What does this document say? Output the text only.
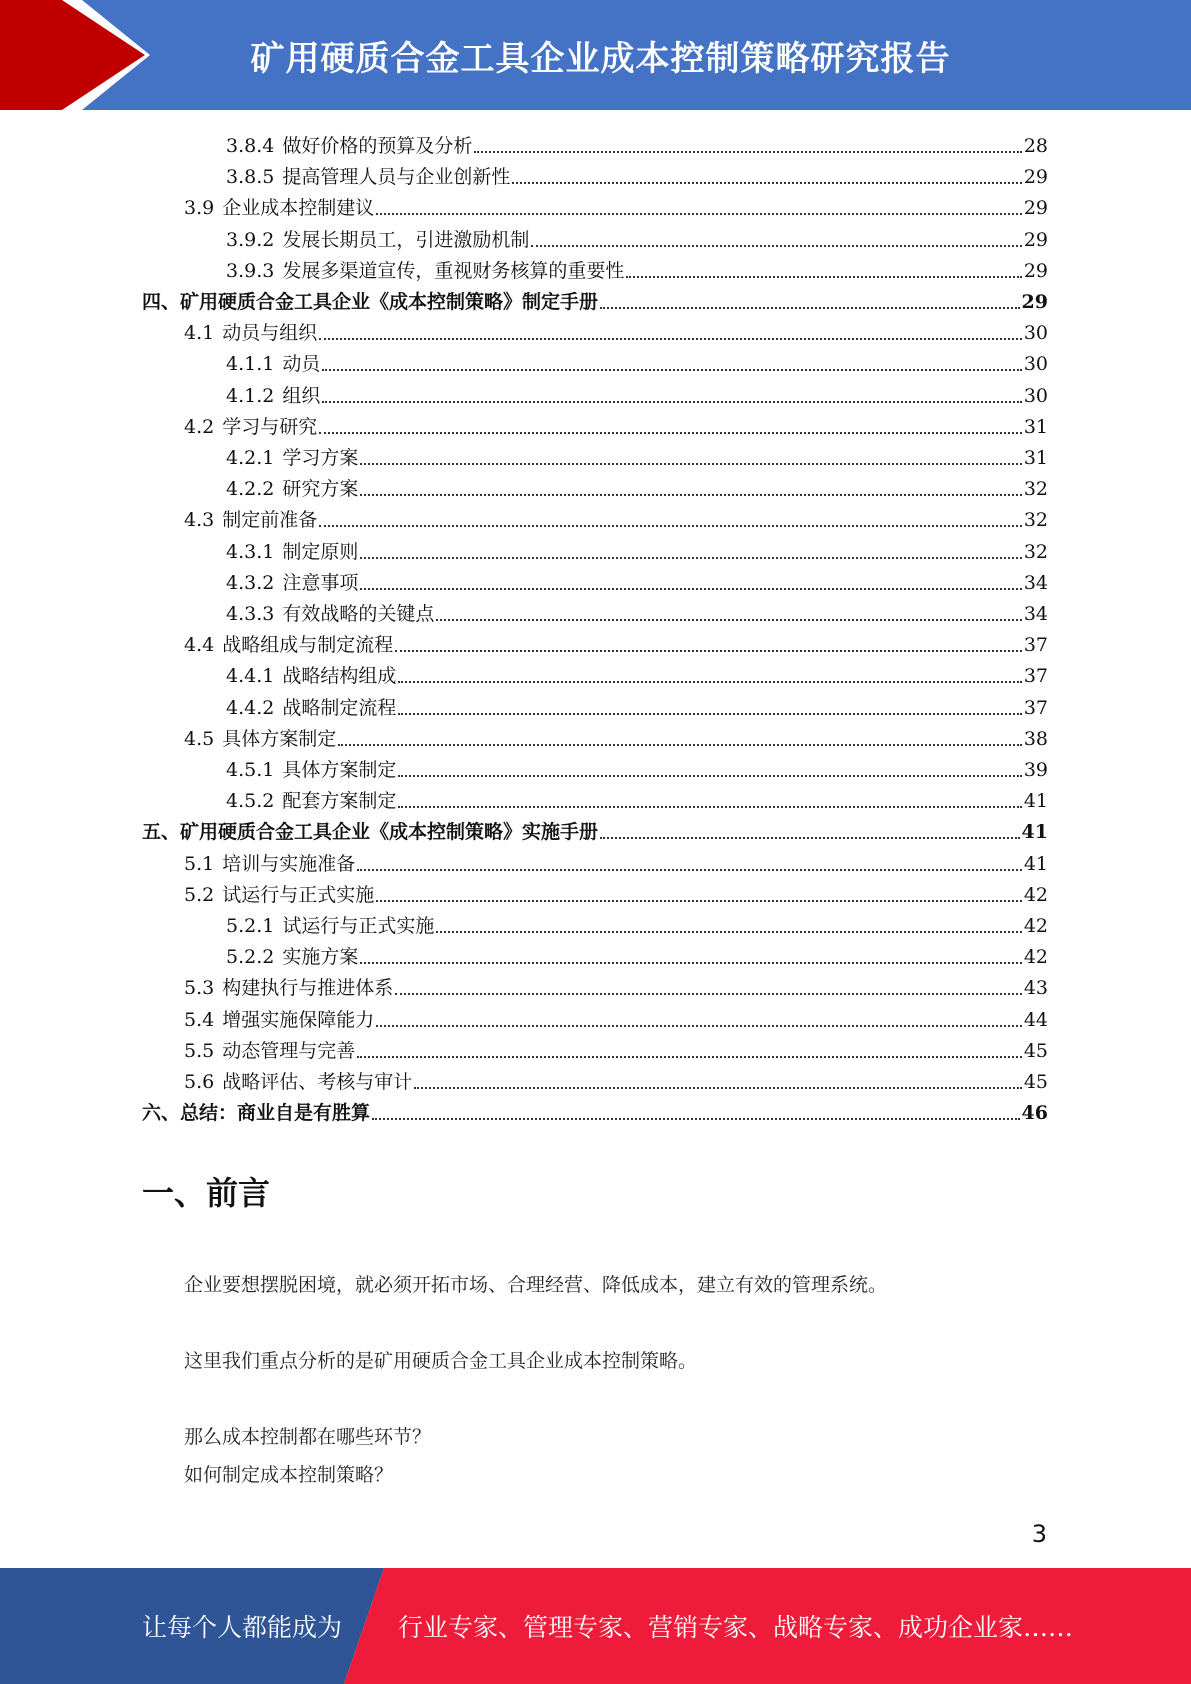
矿用硬质合金工具企业成本控制策略研究报告
3.8.4 做好价格的预算及分析	28
3.8.5 提高管理人员与企业创新性	29
3.9 企业成本控制建议	29
3.9.2 发展长期员工，引进激励机制	29
3.9.3 发展多渠道宣传，重视财务核算的重要性	29
四、矿用硬质合金工具企业《成本控制策略》制定手册	29
4.1 动员与组织	30
4.1.1 动员	30
4.1.2 组织	30
4.2 学习与研究	31
4.2.1 学习方案	31
4.2.2 研究方案	32
4.3 制定前准备	32
4.3.1 制定原则	32
4.3.2 注意事项	34
4.3.3 有效战略的关键点	34
4.4 战略组成与制定流程	37
4.4.1 战略结构组成	37
4.4.2 战略制定流程	37
4.5 具体方案制定	38
4.5.1 具体方案制定	39
4.5.2 配套方案制定	41
五、矿用硬质合金工具企业《成本控制策略》实施手册	41
5.1 培训与实施准备	41
5.2 试运行与正式实施	42
5.2.1 试运行与正式实施	42
5.2.2 实施方案	42
5.3 构建执行与推进体系	43
5.4 增强实施保障能力	44
5.5 动态管理与完善	45
5.6 战略评估、考核与审计	45
六、总结：商业自是有胜算	46
一、前言
企业要想摆脱困境，就必须开拓市场、合理经营、降低成本，建立有效的管理系统。
这里我们重点分析的是矿用硬质合金工具企业成本控制策略。
那么成本控制都在哪些环节？
如何制定成本控制策略？
3
让每个人都能成为 行业专家、管理专家、营销专家、战略专家、成功企业家……
